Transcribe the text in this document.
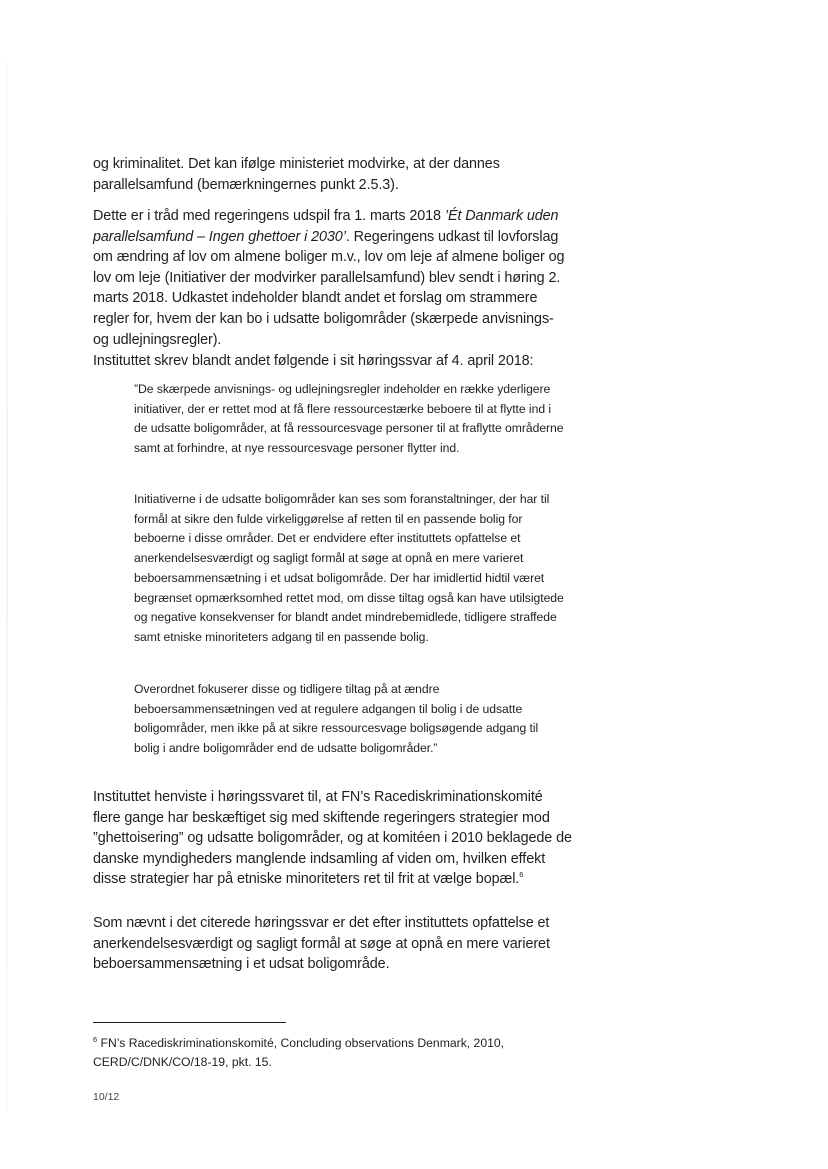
og kriminalitet. Det kan ifølge ministeriet modvirke, at der dannes parallelsamfund (bemærkningernes punkt 2.5.3).

Dette er i tråd med regeringens udspil fra 1. marts 2018 ’Ét Danmark uden parallelsamfund – Ingen ghettoer i 2030’. Regeringens udkast til lovforslag om ændring af lov om almene boliger m.v., lov om leje af almene boliger og lov om leje (Initiativer der modvirker parallelsamfund) blev sendt i høring 2. marts 2018. Udkastet indeholder blandt andet et forslag om strammere regler for, hvem der kan bo i udsatte boligområder (skærpede anvisnings- og udlejningsregler).

Instituttet skrev blandt andet følgende i sit høringssvar af 4. april 2018:

”De skærpede anvisnings- og udlejningsregler indeholder en række yderligere initiativer, der er rettet mod at få flere ressourcestærke beboere til at flytte ind i de udsatte boligområder, at få ressourcesvage personer til at fraflytte områderne samt at forhindre, at nye ressourcesvage personer flytter ind.

Initiativerne i de udsatte boligområder kan ses som foranstaltninger, der har til formål at sikre den fulde virkeliggørelse af retten til en passende bolig for beboerne i disse områder. Det er endvidere efter instituttets opfattelse et anerkendelsesværdigt og sagligt formål at søge at opnå en mere varieret beboersammensætning i et udsat boligområde. Der har imidlertid hidtil været begrænset opmærksomhed rettet mod, om disse tiltag også kan have utilsigtede og negative konsekvenser for blandt andet mindrebemidlede, tidligere straffede samt etniske minoriteters adgang til en passende bolig.

Overordnet fokuserer disse og tidligere tiltag på at ændre beboersammensætningen ved at regulere adgangen til bolig i de udsatte boligområder, men ikke på at sikre ressourcesvage boligsøgende adgang til bolig i andre boligområder end de udsatte boligområder.”

Instituttet henviste i høringssvaret til, at FN’s Racediskriminationskomité flere gange har beskæftiget sig med skiftende regeringers strategier mod ”ghettoisering” og udsatte boligområder, og at komitéen i 2010 beklagede de danske myndigheders manglende indsamling af viden om, hvilken effekt disse strategier har på etniske minoriteters ret til frit at vælge bopæl.$^6$

Som nævnt i det citerede høringssvar er det efter instituttets opfattelse et anerkendelsesværdigt og sagligt formål at søge at opnå en mere varieret beboersammensætning i et udsat boligområde.

$^6$ FN’s Racediskriminationskomité, Concluding observations Denmark, 2010, CERD/C/DNK/CO/18-19, pkt. 15.
10/12
